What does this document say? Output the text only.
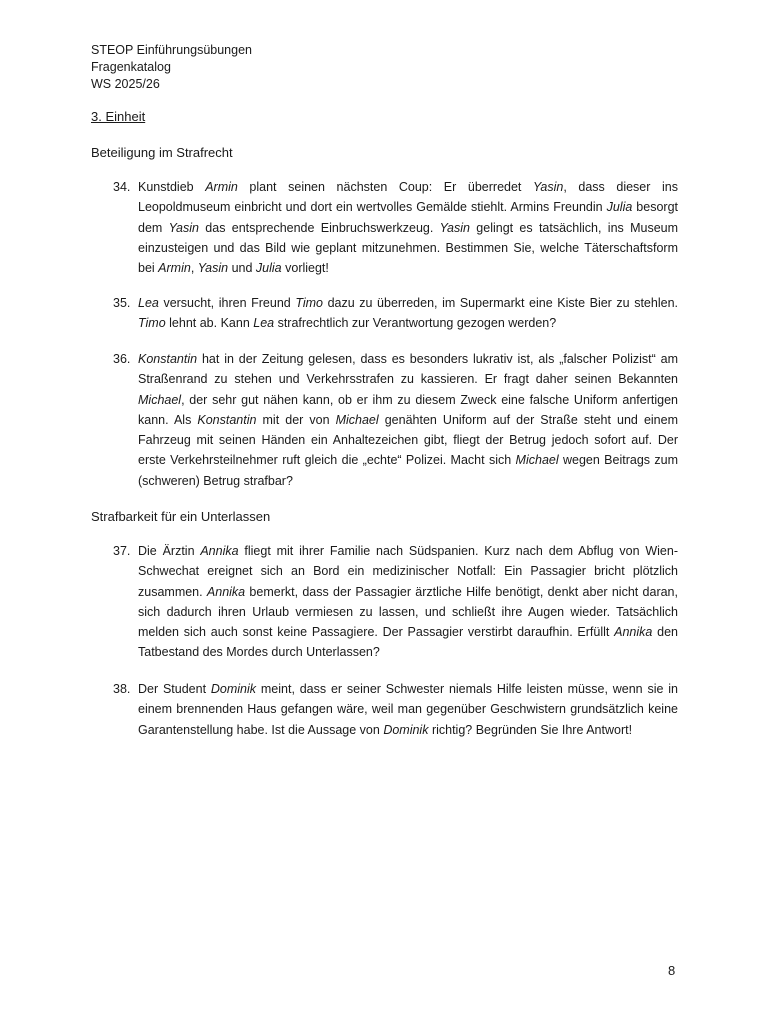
STEOP Einführungsübungen
Fragenkatalog
WS 2025/26
3. Einheit
Beteiligung im Strafrecht
34. Kunstdieb Armin plant seinen nächsten Coup: Er überredet Yasin, dass dieser ins Leopoldmuseum einbricht und dort ein wertvolles Gemälde stiehlt. Armins Freundin Julia besorgt dem Yasin das entsprechende Einbruchswerkzeug. Yasin gelingt es tatsächlich, ins Museum einzusteigen und das Bild wie geplant mitzunehmen. Bestimmen Sie, welche Täterschaftsform bei Armin, Yasin und Julia vorliegt!
35. Lea versucht, ihren Freund Timo dazu zu überreden, im Supermarkt eine Kiste Bier zu stehlen. Timo lehnt ab. Kann Lea strafrechtlich zur Verantwortung gezogen werden?
36. Konstantin hat in der Zeitung gelesen, dass es besonders lukrativ ist, als „falscher Polizist“ am Straßenrand zu stehen und Verkehrsstrafen zu kassieren. Er fragt daher seinen Bekannten Michael, der sehr gut nähen kann, ob er ihm zu diesem Zweck eine falsche Uniform anfertigen kann. Als Konstantin mit der von Michael genähten Uniform auf der Straße steht und einem Fahrzeug mit seinen Händen ein Anhaltezeichen gibt, fliegt der Betrug jedoch sofort auf. Der erste Verkehrsteilnehmer ruft gleich die „echte“ Polizei. Macht sich Michael wegen Beitrags zum (schweren) Betrug strafbar?
Strafbarkeit für ein Unterlassen
37. Die Ärztin Annika fliegt mit ihrer Familie nach Südspanien. Kurz nach dem Abflug von Wien-Schwechat ereignet sich an Bord ein medizinischer Notfall: Ein Passagier bricht plötzlich zusammen. Annika bemerkt, dass der Passagier ärztliche Hilfe benötigt, denkt aber nicht daran, sich dadurch ihren Urlaub vermiesen zu lassen, und schließt ihre Augen wieder. Tatsächlich melden sich auch sonst keine Passagiere. Der Passagier verstirbt daraufhin. Erfüllt Annika den Tatbestand des Mordes durch Unterlassen?
38. Der Student Dominik meint, dass er seiner Schwester niemals Hilfe leisten müsse, wenn sie in einem brennenden Haus gefangen wäre, weil man gegenüber Geschwistern grundsätzlich keine Garantenstellung habe. Ist die Aussage von Dominik richtig? Begründen Sie Ihre Antwort!
8
